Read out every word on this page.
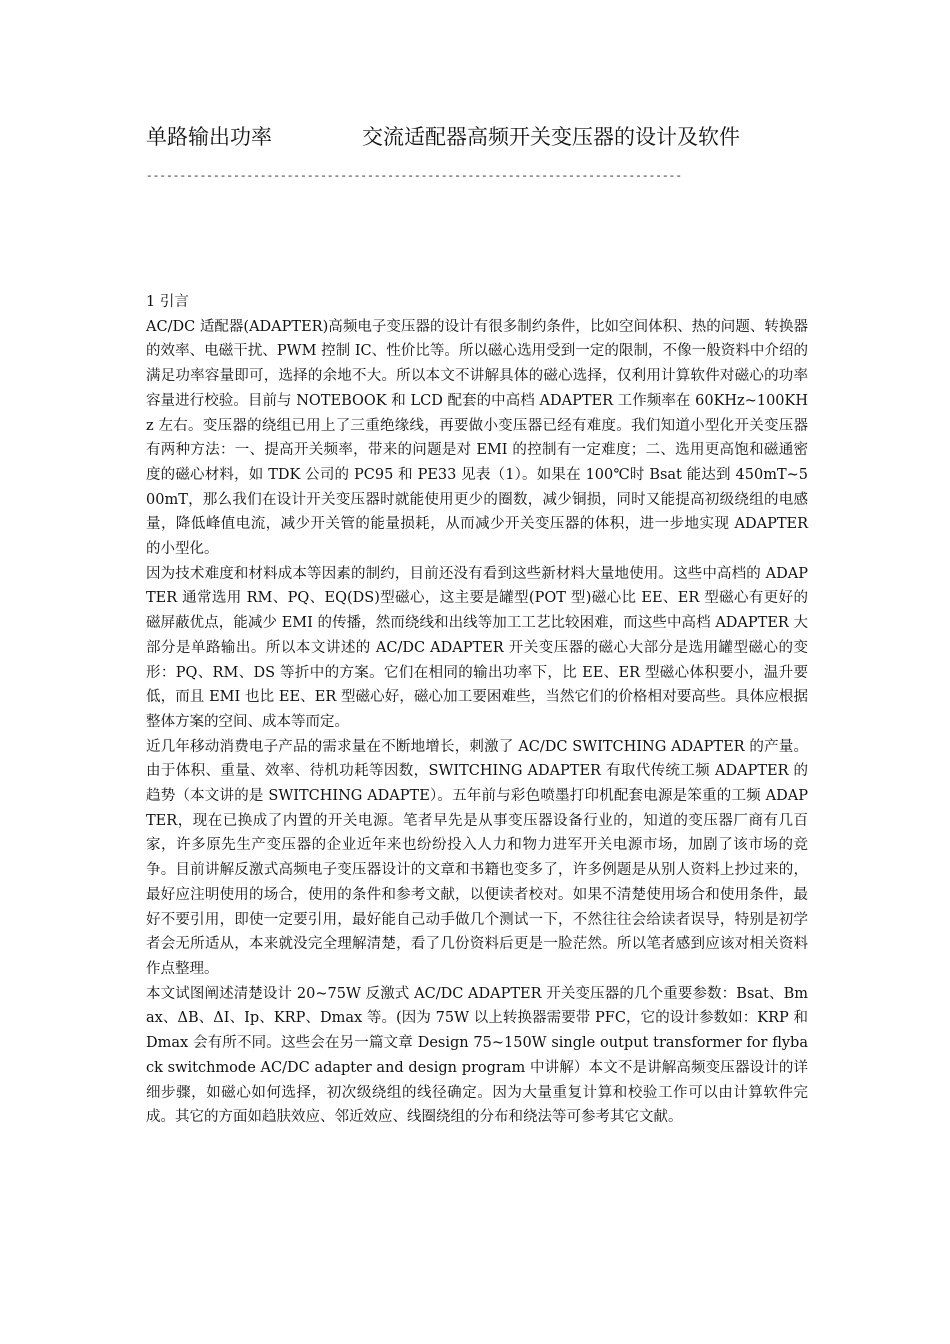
单路输出功率	交流适配器高频开关变压器的设计及软件
--------------------------------------------------------------------------------

1 引言

AC/DC 适配器(ADAPTER)高频电子变压器的设计有很多制约条件，比如空间体积、热的问题、转换器的效率、电磁干扰、PWM 控制 IC、性价比等。所以磁心选用受到一定的限制，不像一般资料中介绍的满足功率容量即可，选择的余地不大。所以本文不讲解具体的磁心选择，仅利用计算软件对磁心的功率容量进行校验。目前与 NOTEBOOK 和 LCD 配套的中高档 ADAPTER 工作频率在 60KHz~100KHz 左右。变压器的绕组已用上了三重绝缘线，再要做小变压器已经有难度。我们知道小型化开关变压器有两种方法：一、提高开关频率，带来的问题是对 EMI 的控制有一定难度；二、选用更高饱和磁通密度的磁心材料，如 TDK 公司的 PC95 和 PE33 见表（1）。如果在 100℃时 Bsat 能达到 450mT~500mT，那么我们在设计开关变压器时就能使用更少的圈数，减少铜损，同时又能提高初级绕组的电感量，降低峰值电流，减少开关管的能量损耗，从而减少开关变压器的体积，进一步地实现 ADAPTER 的小型化。

因为技术难度和材料成本等因素的制约，目前还没有看到这些新材料大量地使用。这些中高档的 ADAPTER 通常选用 RM、PQ、EQ(DS)型磁心，这主要是罐型(POT 型)磁心比 EE、ER 型磁心有更好的磁屏蔽优点，能减少 EMI 的传播，然而绕线和出线等加工工艺比较困难，而这些中高档 ADAPTER 大部分是单路输出。所以本文讲述的 AC/DC ADAPTER 开关变压器的磁心大部分是选用罐型磁心的变形：PQ、RM、DS 等折中的方案。它们在相同的输出功率下，比 EE、ER 型磁心体积要小，温升要低，而且 EMI 也比 EE、ER 型磁心好，磁心加工要困难些，当然它们的价格相对要高些。具体应根据整体方案的空间、成本等而定。

近几年移动消费电子产品的需求量在不断地增长，刺激了 AC/DC SWITCHING ADAPTER 的产量。 由于体积、重量、效率、待机功耗等因数，SWITCHING ADAPTER 有取代传统工频 ADAPTER 的趋势（本文讲的是 SWITCHING ADAPTE）。五年前与彩色喷墨打印机配套电源是笨重的工频 ADAPTER，现在已换成了内置的开关电源。笔者早先是从事变压器设备行业的，知道的变压器厂商有几百家，许多原先生产变压器的企业近年来也纷纷投入人力和物力进军开关电源市场，加剧了该市场的竞争。目前讲解反激式高频电子变压器设计的文章和书籍也变多了，许多例题是从别人资料上抄过来的，最好应注明使用的场合，使用的条件和参考文献，以便读者校对。如果不清楚使用场合和使用条件，最好不要引用，即使一定要引用，最好能自己动手做几个测试一下，不然往往会给读者误导，特别是初学者会无所适从，本来就没完全理解清楚，看了几份资料后更是一脸茫然。所以笔者感到应该对相关资料作点整理。

本文试图阐述清楚设计 20~75W 反激式 AC/DC ADAPTER 开关变压器的几个重要参数：Bsat、Bmax、ΔB、ΔI、Ip、KRP、Dmax 等。(因为 75W 以上转换器需要带 PFC，它的设计参数如：KRP 和 Dmax 会有所不同。这些会在另一篇文章 Design 75~150W single output transformer for flyback switchmode AC/DC adapter and design program 中讲解）本文不是讲解高频变压器设计的详细步骤，如磁心如何选择，初次级绕组的线径确定。因为大量重复计算和校验工作可以由计算软件完成。其它的方面如趋肤效应、邻近效应、线圈绕组的分布和绕法等可参考其它文献。
